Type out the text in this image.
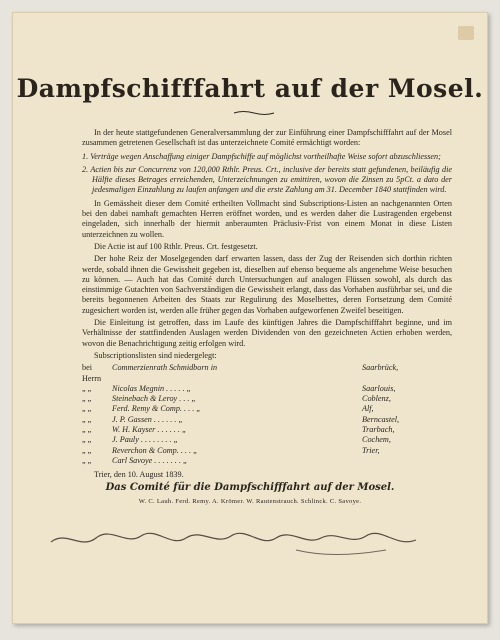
Dampfschifffahrt auf der Mosel.

In der heute stattgefundenen Generalversammlung der zur Einführung einer Dampfschifffahrt auf der Mosel zusammen getretenen Gesellschaft ist das unterzeichnete Comité ermächtigt worden:

1. Verträge wegen Anschaffung einiger Dampfschiffe auf möglichst vortheilhafte Weise sofort abzuschliessen;

2. Actien bis zur Concurrenz von 120,000 Rthlr. Preus. Crt., inclusive der bereits statt gefundenen, beiläufig die Hälfte dieses Betrages erreichenden, Unterzeichnungen zu emittiren, wovon die Zinsen zu 5pCt. a dato der jedesmaligen Einzahlung zu laufen anfangen und die erste Zahlung am 31. December 1840 stattfinden wird.

In Gemässheit dieser dem Comité ertheilten Vollmacht sind Subscriptions-Listen an nachgenannten Orten bei den dabei namhaft gemachten Herren eröffnet worden, und es werden daher die Lustragenden ergebenst eingeladen, sich innerhalb der hiermit anberaumten Präclusiv-Frist von einem Monat in diese Listen unterzeichnen zu wollen.

Die Actie ist auf 100 Rthlr. Preus. Crt. festgesetzt.

Der hohe Reiz der Moselgegenden darf erwarten lassen, dass der Zug der Reisenden sich dorthin richten werde, sobald ihnen die Gewissheit gegeben ist, dieselben auf ebenso bequeme als angenehme Weise besuchen zu können. — Auch hat das Comité durch Untersuchungen auf analogen Flüssen sowohl, als durch das einstimmige Gutachten von Sachverständigen die Gewissheit erlangt, dass das Vorhaben ausführbar sei, und die bereits begonnenen Arbeiten des Staats zur Regulirung des Moselbettes, deren Fortsetzung dem Comité zugesichert worden ist, werden alle früher gegen das Vorhaben aufgeworfenen Zweifel beseitigen.

Die Einleitung ist getroffen, dass im Laufe des künftigen Jahres die Dampfschifffahrt beginne, und im Verhältnisse der stattfindenden Auslagen werden Dividenden von den gezeichneten Actien erhoben werden, wovon die Benachrichtigung zeitig erfolgen wird.

Subscriptionslisten sind niedergelegt:

bei Herrn
Commerzienrath Schmidborn in	Saarbrück,
„ „	Nicolas Megnin . . . . . „	Saarlouis,
„ „	Steinebach & Leroy . . . „	Coblenz,
„ „	Ferd. Remy & Comp. . . . „	Alf,
„ „	J. P. Gassen . . . . . . „	Berncastel,
„ „	W. H. Kayser . . . . . . „	Trarbach,
„ „	J. Pauly . . . . . . . . „	Cochem,
„ „	Reverchon & Comp. . . . „	Trier,
„ „	Carl Savoye . . . . . . . „

Trier, den 10. August 1839.

Das Comité für die Dampfschifffahrt auf der Mosel.
W. C. Lauh. Ferd. Remy. A. Krömer. W. Rautenstrauch. Schlinck. C. Savoye.
